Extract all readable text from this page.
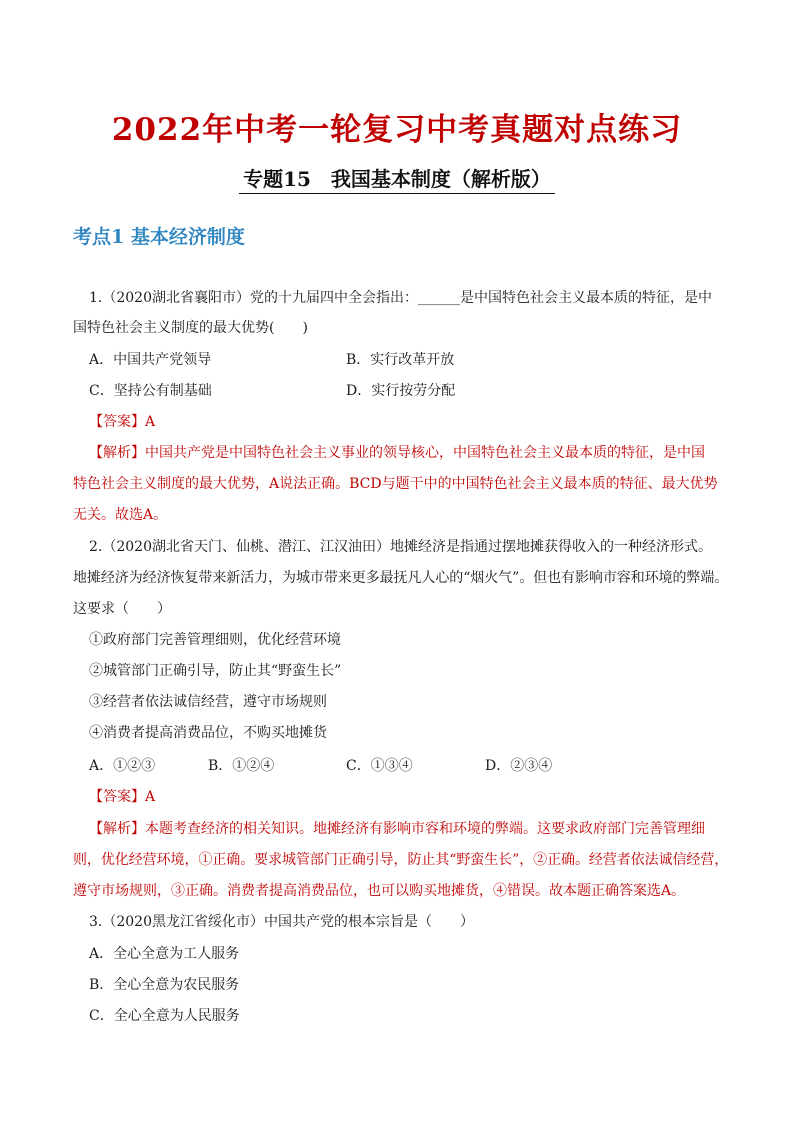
2022年中考一轮复习中考真题对点练习
专题15　我国基本制度（解析版）
考点1 基本经济制度
1.（2020湖北省襄阳市）党的十九届四中全会指出：______是中国特色社会主义最本质的特征，是中
国特色社会主义制度的最大优势(　　)
A．中国共产党领导	B．实行改革开放
C．坚持公有制基础	D．实行按劳分配
【答案】A
【解析】中国共产党是中国特色社会主义事业的领导核心，中国特色社会主义最本质的特征，是中国
特色社会主义制度的最大优势，A说法正确。BCD与题干中的中国特色社会主义最本质的特征、最大优势
无关。故选A。
2.（2020湖北省天门、仙桃、潜江、江汉油田）地摊经济是指通过摆地摊获得收入的一种经济形式。
地摊经济为经济恢复带来新活力，为城市带来更多最抚凡人心的“烟火气”。但也有影响市容和环境的弊端。
这要求（　　）
①政府部门完善管理细则，优化经营环境
②城管部门正确引导，防止其“野蛮生长”
③经营者依法诚信经营，遵守市场规则
④消费者提高消费品位，不购买地摊货
A．①②③	B．①②④	C．①③④	D．②③④
【答案】A
【解析】本题考查经济的相关知识。地摊经济有影响市容和环境的弊端。这要求政府部门完善管理细
则，优化经营环境，①正确。要求城管部门正确引导，防止其“野蛮生长”，②正确。经营者依法诚信经营，
遵守市场规则，③正确。消费者提高消费品位，也可以购买地摊货，④错误。故本题正确答案选A。
3.（2020黑龙江省绥化市）中国共产党的根本宗旨是（　　）
A．全心全意为工人服务
B．全心全意为农民服务
C．全心全意为人民服务
